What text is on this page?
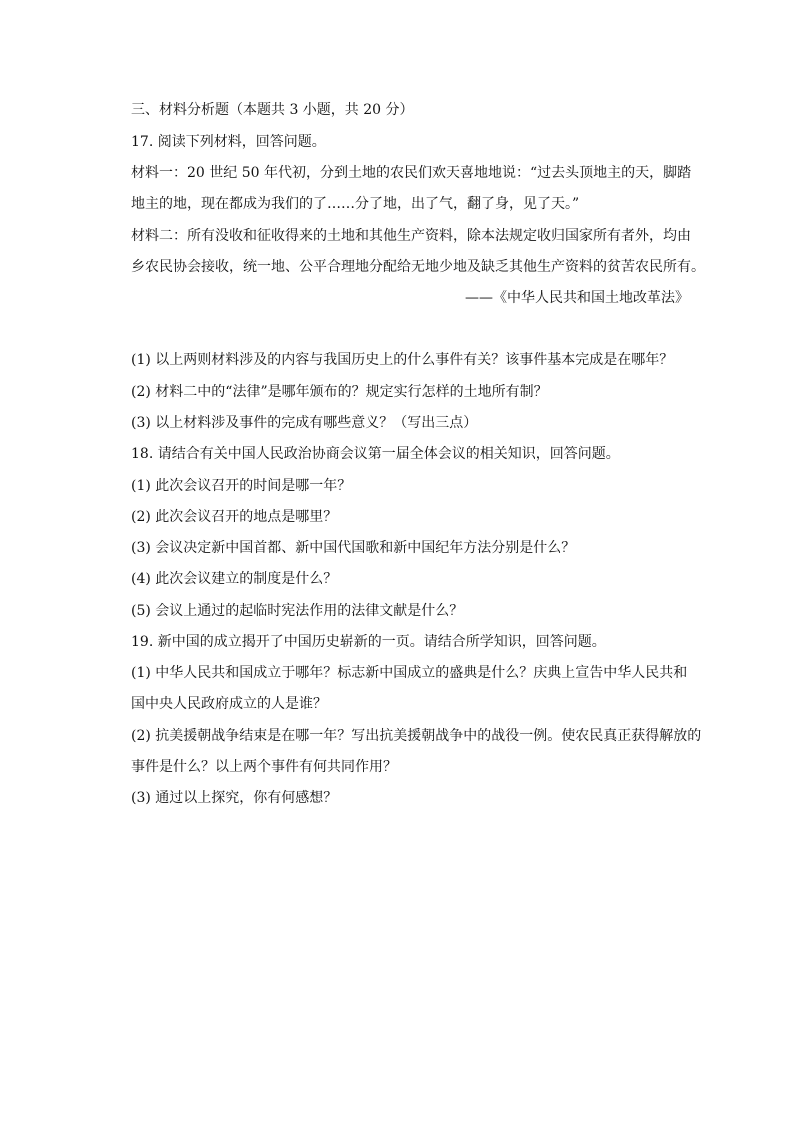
三、材料分析题（本题共 3 小题，共 20 分）
17. 阅读下列材料，回答问题。
材料一：20 世纪 50 年代初，分到土地的农民们欢天喜地地说：“过去头顶地主的天，脚踏
地主的地，现在都成为我们的了……分了地，出了气，翻了身，见了天。”
材料二：所有没收和征收得来的土地和其他生产资料，除本法规定收归国家所有者外，均由
乡农民协会接收，统一地、公平合理地分配给无地少地及缺乏其他生产资料的贫苦农民所有。
——《中华人民共和国土地改革法》
(1) 以上两则材料涉及的内容与我国历史上的什么事件有关？该事件基本完成是在哪年？
(2) 材料二中的“法律”是哪年颁布的？规定实行怎样的土地所有制？
(3) 以上材料涉及事件的完成有哪些意义？（写出三点）
18. 请结合有关中国人民政治协商会议第一届全体会议的相关知识，回答问题。
(1) 此次会议召开的时间是哪一年？
(2) 此次会议召开的地点是哪里？
(3) 会议决定新中国首都、新中国代国歌和新中国纪年方法分别是什么？
(4) 此次会议建立的制度是什么？
(5) 会议上通过的起临时宪法作用的法律文献是什么？
19. 新中国的成立揭开了中国历史崭新的一页。请结合所学知识，回答问题。
(1) 中华人民共和国成立于哪年？标志新中国成立的盛典是什么？庆典上宣告中华人民共和
国中央人民政府成立的人是谁？
(2) 抗美援朝战争结束是在哪一年？写出抗美援朝战争中的战役一例。使农民真正获得解放的
事件是什么？以上两个事件有何共同作用？
(3) 通过以上探究，你有何感想？
